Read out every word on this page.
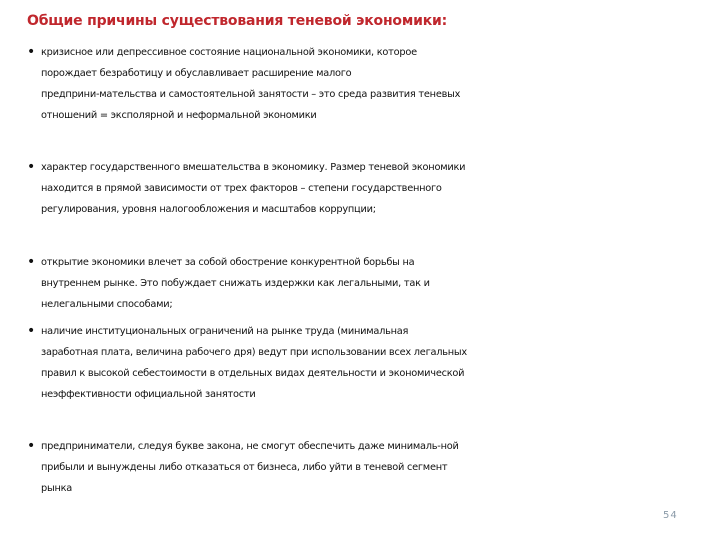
Общие причины существования теневой экономики:
• кризисное или депрессивное состояние национальной экономики, которое
порождает безработицу и обуславливает расширение малого
предприни-мательства и самостоятельной занятости – это среда развития теневых
отношений = эксполярной и неформальной экономики
• характер государственного вмешательства в экономику. Размер теневой экономики
находится в прямой зависимости от трех факторов – степени государственного
регулирования, уровня налогообложения и масштабов коррупции;
• открытие экономики влечет за собой обострение конкурентной борьбы на
внутреннем рынке. Это побуждает снижать издержки как легальными, так и
нелегальными способами;
• наличие институциональных ограничений на рынке труда (минимальная
заработная плата, величина рабочего дря) ведут при использовании всех легальных
правил к высокой себестоимости в отдельных видах деятельности и экономической
неэффективности официальной занятости
• предприниматели, следуя букве закона, не смогут обеспечить даже минималь-ной
прибыли и вынуждены либо отказаться от бизнеса, либо уйти в теневой сегмент
рынка
54
